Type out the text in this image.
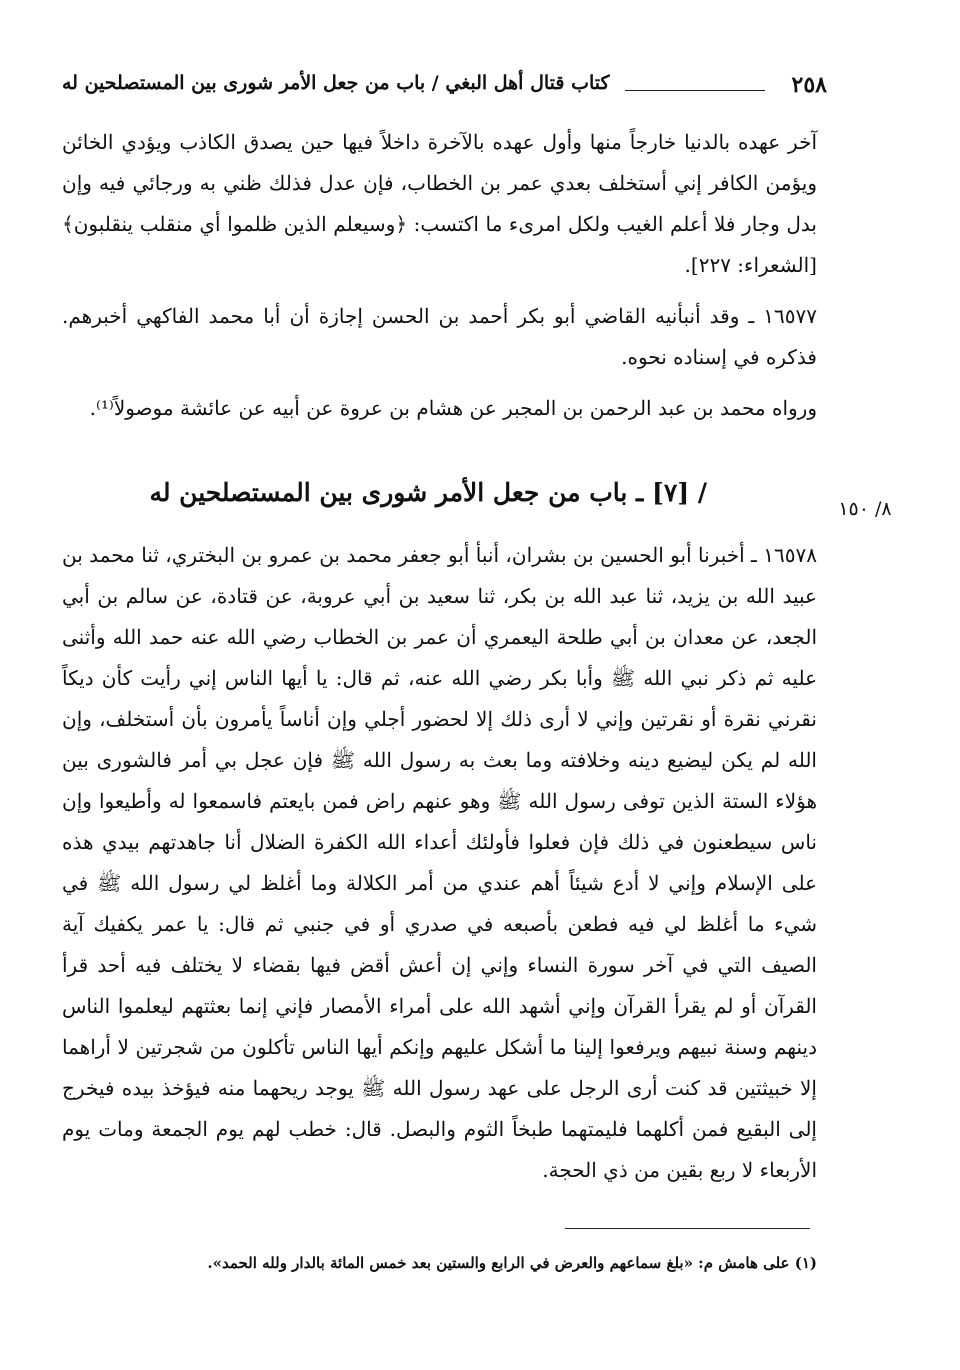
٢٥٨
كتاب قتال أهل البغي / باب من جعل الأمر شورى بين المستصلحين له

آخر عهده بالدنيا خارجاً منها وأول عهده بالآخرة داخلاً فيها حين يصدق الكاذب ويؤدي الخائن ويؤمن الكافر إني أستخلف بعدي عمر بن الخطاب، فإن عدل فذلك ظني به ورجائي فيه وإن بدل وجار فلا أعلم الغيب ولكل امرىء ما اكتسب: ﴿وسيعلم الذين ظلموا أي منقلب ينقلبون﴾ [الشعراء: ٢٢٧].

١٦٥٧٧ ـ وقد أنبأنيه القاضي أبو بكر أحمد بن الحسن إجازة أن أبا محمد الفاكهي أخبرهم. فذكره في إسناده نحوه.

ورواه محمد بن عبد الرحمن بن المجبر عن هشام بن عروة عن أبيه عن عائشة موصولاً⁽¹⁾.

/ [٧] ـ باب من جعل الأمر شورى بين المستصلحين له
٨/ ١٥٠

١٦٥٧٨ ـ أخبرنا أبو الحسين بن بشران، أنبأ أبو جعفر محمد بن عمرو بن البختري، ثنا محمد بن عبيد الله بن يزيد، ثنا عبد الله بن بكر، ثنا سعيد بن أبي عروبة، عن قتادة، عن سالم بن أبي الجعد، عن معدان بن أبي طلحة اليعمري أن عمر بن الخطاب رضي الله عنه حمد الله وأثنى عليه ثم ذكر نبي الله ﷺ وأبا بكر رضي الله عنه، ثم قال: يا أيها الناس إني رأيت كأن ديكاً نقرني نقرة أو نقرتين وإني لا أرى ذلك إلا لحضور أجلي وإن أناساً يأمرون بأن أستخلف، وإن الله لم يكن ليضيع دينه وخلافته وما بعث به رسول الله ﷺ فإن عجل بي أمر فالشورى بين هؤلاء الستة الذين توفى رسول الله ﷺ وهو عنهم راض فمن بايعتم فاسمعوا له وأطيعوا وإن ناس سيطعنون في ذلك فإن فعلوا فأولئك أعداء الله الكفرة الضلال أنا جاهدتهم بيدي هذه على الإسلام وإني لا أدع شيئاً أهم عندي من أمر الكلالة وما أغلظ لي رسول الله ﷺ في شيء ما أغلظ لي فيه فطعن بأصبعه في صدري أو في جنبي ثم قال: يا عمر يكفيك آية الصيف التي في آخر سورة النساء وإني إن أعش أقض فيها بقضاء لا يختلف فيه أحد قرأ القرآن أو لم يقرأ القرآن وإني أشهد الله على أمراء الأمصار فإني إنما بعثتهم ليعلموا الناس دينهم وسنة نبيهم ويرفعوا إلينا ما أشكل عليهم وإنكم أيها الناس تأكلون من شجرتين لا أراهما إلا خبيثتين قد كنت أرى الرجل على عهد رسول الله ﷺ يوجد ريحهما منه فيؤخذ بيده فيخرج إلى البقيع فمن أكلهما فليمتهما طبخاً الثوم والبصل. قال: خطب لهم يوم الجمعة ومات يوم الأربعاء لا ربع بقين من ذي الحجة.

(١) على هامش م: «بلغ سماعهم والعرض في الرابع والستين بعد خمس المائة بالدار ولله الحمد».
